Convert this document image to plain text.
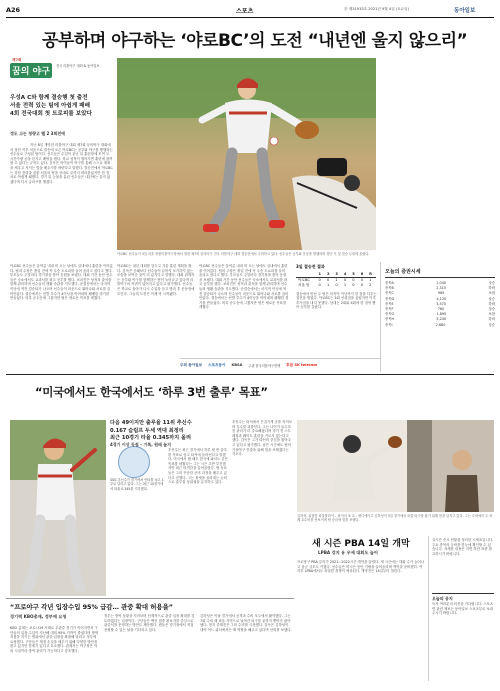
A26	스포츠	⑮ 제31933호 2021년 9월 4일 (토요일)	동아일보
공부하며 야구하는 ‘야로BC’의 도전 “내년엔 울지 않으리”
제7회
꿈의 야구
전국 리틀야구 대회 & 동아일보
우성A C와 함께 결승행 첫 출전
서울 전력 있는 팀에 아쉽게 패배
4회 전국대회 첫 트로피를 보았다
정도 고는 청량고 벨 2 3회전에
지난 8일 개막한 리틀야구 대회 제7회 꿈의야구 대회에서 창단 이후 처음으로 결승에 오른 야로BC는 공부와 야구를 병행하는 선수들로 구성된 팀이다. 선수들은 수업이 끝난 뒤 훈련장에 모여 두 시간가량 공을 던지고 배팅을 했다. 학교 성적이 떨어지면 훈련에 참여할 수 없다는 규칙도 있다. 감독은 아이들이 야구를 통해 스스로 계획을 세우고 지키는 법을 배우기를 바란다고 말했다. 결승전에서 야로BC는 강한 전력을 갖춘 서울의 팀을 상대로 끝까지 따라붙었지만 한 점 차로 아쉽게 패했다. 경기 뒤 눈물을 흘린 선수들은 내년에는 울지 않겠다며 다시 글러브를 챙겼다.
야로BC 선수들이 3일 서울 장충리틀야구장에서 열린 제7회 꿈의야구 전국 리틀야구 대회 결승전에서 수비하고 있다. 선수들은 공부와 운동을 병행하며 창단 후 첫 결승 무대에 올랐다.
야로BC 선수들은 올여름 내내 비 오는 날에도 실내에서 훈련을 이어갔다. 팀의 주장은 졸업 전에 꼭 우승 트로피를 들어 올리고 싶다고 했다. 부모들도 주말마다 경기장을 찾아 응원을 보냈다. 대회 기간 동안 선수들은 숙소에서도 교과서를 펴고 공부를 했다. 코치진은 성적과 출석을 함께 관리하며 선수들의 생활 습관을 지도했다. 준결승에서는 마지막 이닝에 역전 결승타가 나오며 선수들이 마운드로 뛰어나와 서로를 끌어안았다. 결승에서는 선발 투수가 4이닝을 막아내며 팽팽한 경기를 만들었다. 비록 준우승에 그쳤지만 팀은 새로운 목표를 세웠다.
야로BC는 내년 대회를 앞두고 겨울 훈련 계획을 짰다. 감독은 승패보다 선수들이 끝까지 포기하지 않는 모습을 보여준 것이 더 값지다고 말했다. 대회 관계자는 공부와 야구를 함께하는 팀이 늘어나고 있다며 리틀야구의 저변이 넓어지고 있다고 평가했다. 선수들은 학교로 돌아가 다시 수업을 듣고 방과 후 운동장에 모인다. 그들의 도전은 이제 막 시작됐다.
야로BC 선수들은 올여름 내내 비 오는 날에도 실내에서 훈련을 이어갔다. 팀의 주장은 졸업 전에 꼭 우승 트로피를 들어 올리고 싶다고 했다. 부모들도 주말마다 경기장을 찾아 응원을 보냈다. 대회 기간 동안 선수들은 숙소에서도 교과서를 펴고 공부를 했다. 코치진은 성적과 출석을 함께 관리하며 선수들의 생활 습관을 지도했다. 준결승에서는 마지막 이닝에 역전 결승타가 나오며 선수들이 마운드로 뛰어나와 서로를 끌어안았다. 결승에서는 선발 투수가 4이닝을 막아내며 팽팽한 경기를 만들었다. 비록 준우승에 그쳤지만 팀은 새로운 목표를 세웠다.
3일 결승전 결과
	1	2	3	4	5	6	R
야로BC	0	0	1	0	0	0	1
서울 팀	0	1	0	1	0	0	2
결승에서 만난 두 팀은 마지막 이닝까지 한 점을 다투는 접전을 벌였다. 야로BC는 3회 선취점을 올렸지만 이후 추가점을 내지 못했다. 상대는 2회와 4회에 한 점씩 뽑아 승부를 갈랐다.
주최 동아일보 스포츠동아 KBSA 주관 한국리틀야구연맹 후원 SK telecom
오늘의 증권시세
종목A	1,040	상승
종목B	2,315	하락
종목C	985	보합
종목D	4,120	상승
종목E	3,570	하락
종목F	760	상승
종목G	1,895	보합
종목H	5,240	하락
종목I	2,680	상승
“미국에서도 한국에서도 ‘하루 3번 출루’ 목표”
SSG 추신수가 경기에서 안타를 치고 1루로 달리고 있다. 그는 최근 10경기에서 타율 0.345를 기록했다.
다음 49이지만 출루율 11위 추신수
0.167 슬럼프 두세 역대 최정리
최근 10경기 타율 0.345까지 올려
4경기 이상 득점 – 기록, 원래 높지
추신수는 최근 경기에서 하루 세 번 출루를 목표로 삼고 타석에 들어선다고 말했다. 미국에서 뛸 때도 한국에 와서도 같은 목표를 세웠다는 그는 시즌 초반 부진했지만 최근 타격감을 끌어올렸다. 팀 동료들은 그의 꾸준한 준비 과정을 배우고 있다고 전했다. 그는 볼넷을 골라내는 능력으로 출루율 상위권을 유지하고 있다.
추신수는 타석에서 끈질기게 공을 지켜보며 투수를 괴롭힌다. 그는 나이가 들수록 몸 관리가 더 중요해졌다며 경기 전 스트레칭과 웨이트 훈련을 거르지 않는다고 했다. 감독은 그가 타선의 중심을 잡아주고 있다고 평가했다. 남은 시즌에도 팀의 가을야구 진출을 위해 힘을 보태겠다는 각오다.
김하성, 위험한 파울플라이 – 파이어 폭 호 : 샌디에이고 김하성이 3일 경기에서 파울 타구를 잡기 위해 몸을 던지고 있다. 그는 수비에서 두 차례 호수비를 선보이며 팀 승리에 힘을 보탰다.
새 시즌 PBA 14일 개막
LPBA 강지 유 우세 대회도 늘어
프로당구 PBA 투어가 2021∼2022시즌 개막을 알렸다. 새 시즌에는 대회 수가 늘어나고 상금 규모도 커졌다. 선수들은 비시즌 동안 기량을 끌어올리며 개막을 준비했다. 여자부 LPBA에서도 치열한 경쟁이 예상된다. 개막전은 14일부터 열린다.
실시간 증시 현황을 정리한 시세표입니다. 주요 종목의 등락을 한눈에 확인할 수 있습니다. 자세한 내용은 지면 하단 표를 참고하시기 바랍니다.
오늘의 공지
독자 여러분의 의견을 기다립니다. 스포츠면 관련 제보는 동아일보 스포츠부로 보내주시기 바랍니다.
“프로야구 각년 입장수입 95% 급감… 관중 확대 허용을”
경기력 KBO총재, 정부에 요청
KBO 총재는 코로나19 사태로 무관중 경기가 이어지면서 구단들의 입장 수입이 지난해 대비 95% 가까이 줄었다며 방역 지침을 지키는 범위에서 관중 입장을 확대해 달라고 정부에 요청했다. 구단들은 재정 손실을 메우기 위해 다양한 방안을 찾고 있지만 한계가 있다고 호소했다. 관계자는 야구장은 야외 시설이라 방역 관리가 가능하다고 강조했다.
정부는 방역 상황을 지켜보며 단계적으로 관중 입장 확대를 검토하겠다는 입장이다. 구단들은 백신 접종 완료자를 중심으로 관중석을 운영하는 방안도 제안했다. 팬들은 경기장에서 직접 응원할 수 있는 날을 기다리고 있다.
김하성은 이날 경기에서 공격과 수비 모두에서 활약했다. 그는 7회 수비 때 파울 지역으로 날아간 타구를 끝까지 쫓아가 잡아냈다. 현지 중계진은 그의 수비를 극찬했다. 감독은 김하성이 내야 어느 위치에서든 제 역할을 해주고 있다며 신뢰를 보냈다.
